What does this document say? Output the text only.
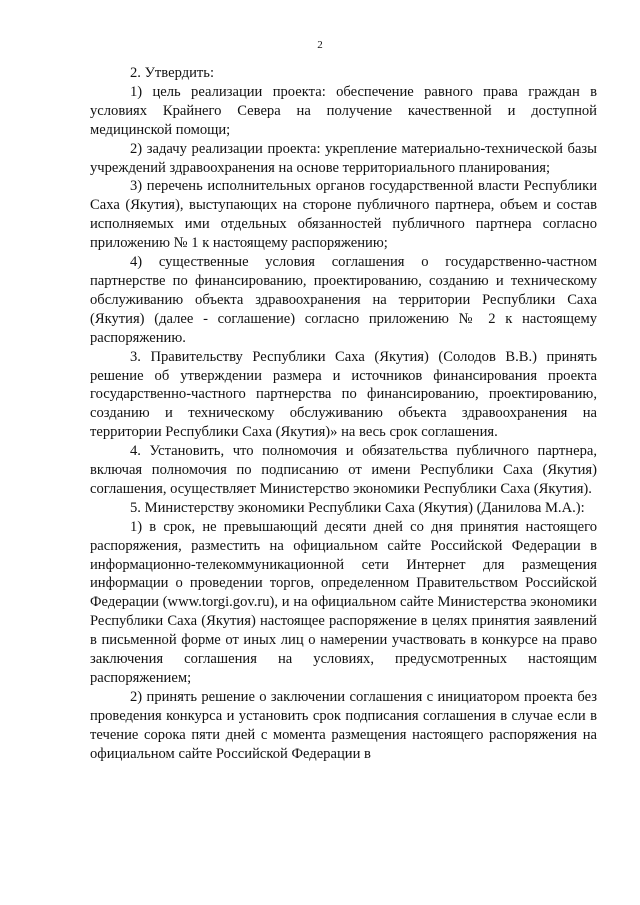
2

2. Утвердить:

1) цель реализации проекта: обеспечение равного права граждан в условиях Крайнего Севера на получение качественной и доступной медицинской помощи;

2) задачу реализации проекта: укрепление материально-технической базы учреждений здравоохранения на основе территориального планирования;

3) перечень исполнительных органов государственной власти Республики Саха (Якутия), выступающих на стороне публичного партнера, объем и состав исполняемых ими отдельных обязанностей публичного партнера согласно приложению № 1 к настоящему распоряжению;

4) существенные условия соглашения о государственно-частном партнерстве по финансированию, проектированию, созданию и техническому обслуживанию объекта здравоохранения на территории Республики Саха (Якутия) (далее - соглашение) согласно приложению № 2 к настоящему распоряжению.

3. Правительству Республики Саха (Якутия) (Солодов В.В.) принять решение об утверждении размера и источников финансирования проекта государственно-частного партнерства по финансированию, проектированию, созданию и техническому обслуживанию объекта здравоохранения на территории Республики Саха (Якутия)» на весь срок соглашения.

4. Установить, что полномочия и обязательства публичного партнера, включая полномочия по подписанию от имени Республики Саха (Якутия) соглашения, осуществляет Министерство экономики Республики Саха (Якутия).

5. Министерству экономики Республики Саха (Якутия) (Данилова М.А.):

1) в срок, не превышающий десяти дней со дня принятия настоящего распоряжения, разместить на официальном сайте Российской Федерации в информационно-телекоммуникационной сети Интернет для размещения информации о проведении торгов, определенном Правительством Российской Федерации (www.torgi.gov.ru), и на официальном сайте Министерства экономики Республики Саха (Якутия) настоящее распоряжение в целях принятия заявлений в письменной форме от иных лиц о намерении участвовать в конкурсе на право заключения соглашения на условиях, предусмотренных настоящим распоряжением;

2) принять решение о заключении соглашения с инициатором проекта без проведения конкурса и установить срок подписания соглашения в случае если в течение сорока пяти дней с момента размещения настоящего распоряжения на официальном сайте Российской Федерации в
